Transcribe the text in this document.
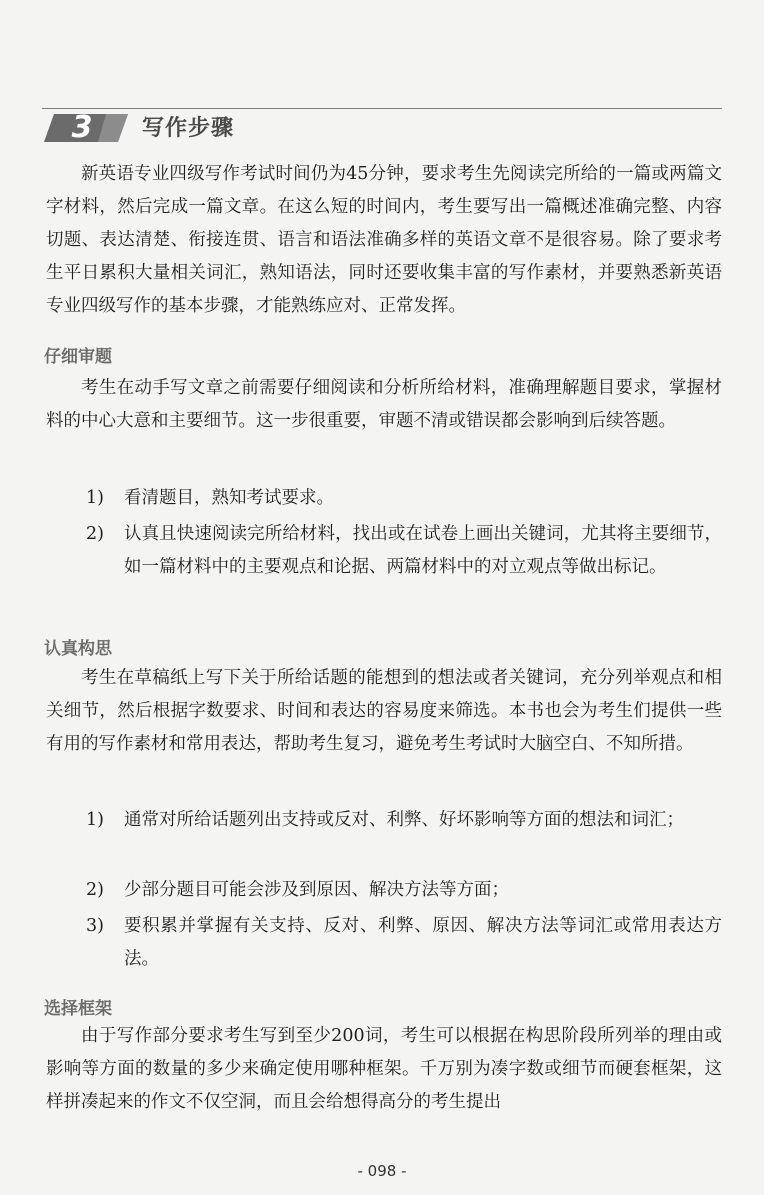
3	写作步骤

新英语专业四级写作考试时间仍为45分钟，要求考生先阅读完所给的一篇或两篇文字材料，然后完成一篇文章。在这么短的时间内，考生要写出一篇概述准确完整、内容切题、表达清楚、衔接连贯、语言和语法准确多样的英语文章不是很容易。除了要求考生平日累积大量相关词汇，熟知语法，同时还要收集丰富的写作素材，并要熟悉新英语专业四级写作的基本步骤，才能熟练应对、正常发挥。

仔细审题

考生在动手写文章之前需要仔细阅读和分析所给材料，准确理解题目要求，掌握材料的中心大意和主要细节。这一步很重要，审题不清或错误都会影响到后续答题。

1)	看清题目，熟知考试要求。
2)	认真且快速阅读完所给材料，找出或在试卷上画出关键词，尤其将主要细节，如一篇材料中的主要观点和论据、两篇材料中的对立观点等做出标记。
认真构思

考生在草稿纸上写下关于所给话题的能想到的想法或者关键词，充分列举观点和相关细节，然后根据字数要求、时间和表达的容易度来筛选。本书也会为考生们提供一些有用的写作素材和常用表达，帮助考生复习，避免考生考试时大脑空白、不知所措。

1)	通常对所给话题列出支持或反对、利弊、好坏影响等方面的想法和词汇；
2)	少部分题目可能会涉及到原因、解决方法等方面；
3)	要积累并掌握有关支持、反对、利弊、原因、解决方法等词汇或常用表达方法。
选择框架

由于写作部分要求考生写到至少200词，考生可以根据在构思阶段所列举的理由或影响等方面的数量的多少来确定使用哪种框架。千万别为凑字数或细节而硬套框架，这样拼凑起来的作文不仅空洞，而且会给想得高分的考生提出

- 098 -
